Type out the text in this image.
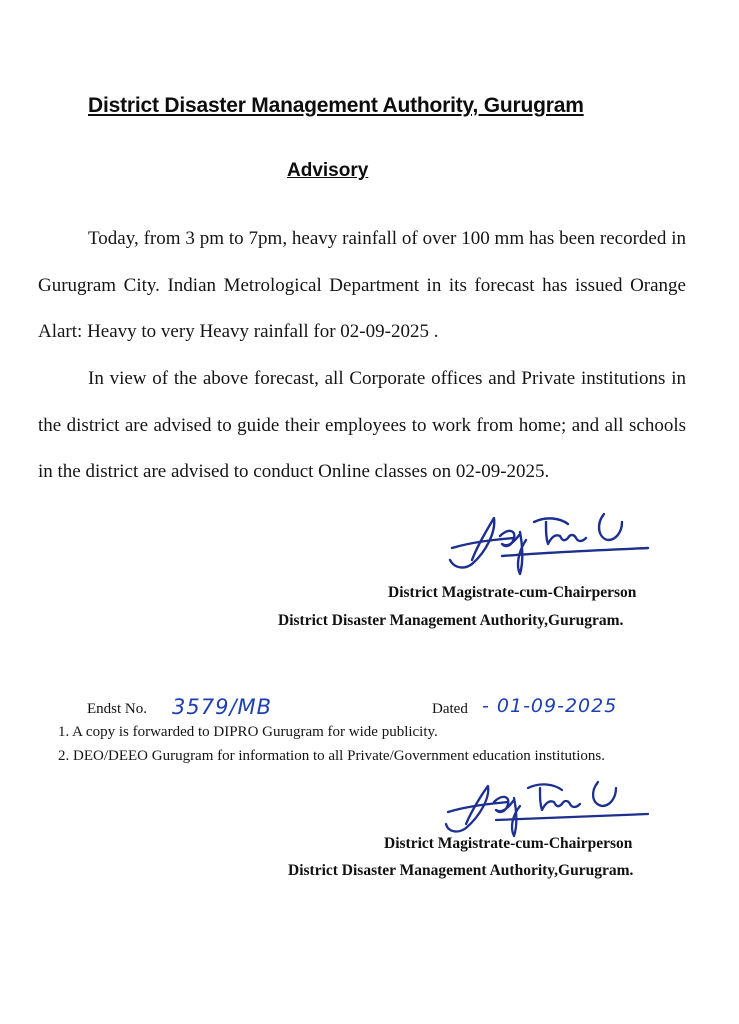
District Disaster Management Authority, Gurugram
Advisory
Today, from 3 pm to 7pm, heavy rainfall of over 100 mm has been recorded in Gurugram City. Indian Metrological Department in its forecast has issued Orange Alart: Heavy to very Heavy rainfall for 02-09-2025 .
In view of the above forecast, all Corporate offices and Private institutions in the district are advised to guide their employees to work from home; and all schools in the district are advised to conduct Online classes on 02-09-2025.
District Magistrate-cum-Chairperson
District Disaster Management Authority,Gurugram.
Endst No. 3579/MB	Dated - 01-09-2025
1. A copy is forwarded to DIPRO Gurugram for wide publicity.
2. DEO/DEEO Gurugram for information to all Private/Government education institutions.
District Magistrate-cum-Chairperson
District Disaster Management Authority,Gurugram.
